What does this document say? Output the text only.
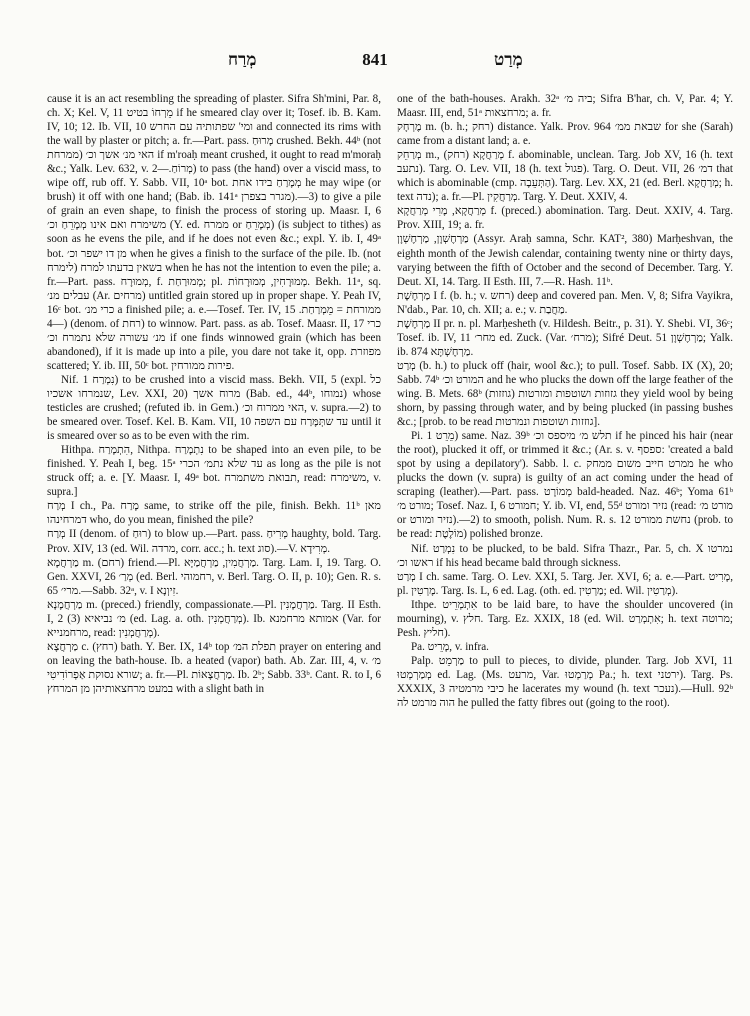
מְרַח	841	מְרַט

cause it is an act resembling the spreading of plaster. Sifra Sh'mini, Par. 8, ch. X; Kel. V, 11 מֵרְחוֹ בטיט if he smeared clay over it; Tosef. ib. B. Kam. IV, 10; 12. Ib. VII, 10 ומי' שפתותיה עם החרש and connected its rims with the wall by plaster or pitch; a. fr.—Part. pass. מָרוּחַ crushed. Bekh. 44ᵇ (not ממרחת) האי מנ׳ אשך וכ׳ if m'roaḥ meant crushed, it ought to read m'moraḥ &c.; Yalk. Lev. 632, v. מְרוֹחַ.—2) to pass (the hand) over a viscid mass, to wipe off, rub off. Y. Sabb. VII, 10ᵃ bot. מְמָרַחַ בידו אחת he may wipe (or brush) it off with one hand; (Bab. ib. 141ᵃ מגרר בצפרן).—3) to give a pile of grain an even shape, to finish the process of storing up. Maasr. I, 6 משימרח ואם אינו מְמָרֵחַ וכ׳ (Y. ed. ממרח or מְמָרֵחַ) (is subject to tithes) as soon as he evens the pile, and if he does not even &c.; expl. Y. ib. I, 49ᵃ bot. מן דו ישפר וכ׳ when he gives a finish to the surface of the pile. Ib. (not לימרח) בשאין בדעתו למרח when he has not the intention to even the pile; a. fr.—Part. pass. מְמוּרָח, f. מְמוּרַחַת; pl. מְמוּרָחִין, מְמוּרָחוֹת. Bekh. 11ᵃ, sq. עבלים מנ׳ (Ar. מרחים) untitled grain stored up in proper shape. Y. Peah IV, 16ᶜ bot. כרי מנ׳ a finished pile; a. e.—Tosef. Ter. IV, 15 ממורחת = מֵמְרַחַת.—4) (denom. of רחת) to winnow. Part. pass. as ab. Tosef. Maasr. II, 17 כרי מנ׳ עשורה שלא נתמרח וכ׳ if one finds winnowed grain (which has been abandoned), if it is made up into a pile, you dare not take it, opp. מפוזרת scattered; Y. ib. III, 50ᶜ bot. פירות ממורחין.

Nif. נִמְרַח 1) to be crushed into a viscid mass. Bekh. VII, 5 (expl. כל שנמרחו אשכיו, Lev. XXI, 20) מרוח אשך (Bab. ed., 44ᵇ, נמוחו) whose testicles are crushed; (refuted ib. in Gem.) האי ממרוח וכ׳, v. supra.—2) to be smeared over. Tosef. Kel. B. Kam. VII, 10 עד שתְּמָּרַח עם השפה until it is smeared over so as to be even with the rim.

Hithpa. הִתְמָרַח, Nithpa. נִתְמָרַח to be shaped into an even pile, to be finished. Y. Peah I, beg. 15ᵃ עד שלא נתמ׳ הכרי as long as the pile is not struck off; a. e. [Y. Maasr. I, 49ᵃ bot. תבואת משתמרח, read: משימרח, v. supra.]

מְרַח I ch., Pa. מָרַח same, to strike off the pile, finish. Bekh. 11ᵇ מאן דמרחינהו who, do you mean, finished the pile?

מְרַח II (denom. of רוּחַ) to blow up.—Part. pass. מְרִיחַ haughty, bold. Targ. Prov. XIV, 13 (ed. Wil. מרדה, corr. acc.; h. text סוג).—V. מְרִידָא.

מַרְחֲמָא m. (רחם) friend.—Pl. מַרְחֲמִין, מַרְחֲמַיָּא. Targ. Lam. I, 19. Targ. O. Gen. XXVI, 26 מְרַ׳ (ed. Berl. רחמוהי, v. Berl. Targ. O. II, p. 10); Gen. R. s. 65 מרי׳.—Sabb. 32ᵃ, v. I זִיוְנָא.

מַרְחֲמָנָא m. (preced.) friendly, compassionate.—Pl. מַרְחֲמָנִין. Targ. II Esth. I, 2 (3) מ׳ נביאיא (ed. Lag. a. oth. מְרַחֲמְנִין). Ib. אמותא מרחמנא (Var. for מרחמנייא, read: מְרַחֲמְנִין).

מַרְחֲצָא c. (רחץ) bath. Y. Ber. IX, 14ᵇ top תפלת המ׳ prayer on entering and on leaving the bath-house. Ib. a heated (vapor) bath. Ab. Zar. III, 4, v. מ׳ שורא נסוקת אַפְרוֹדִיטִי; a. fr.—Pl. מַרְחֲצָאוֹת. Ib. 2ᵇ; Sabb. 33ᵇ. Cant. R. to I, 6 במעט מרחצאותיהן מן המרחץ with a slight bath in

one of the bath-houses. Arakh. 32ᵃ ביה מ׳; Sifra B'har, ch. V, Par. 4; Y. Maasr. III, end, 51ᵃ מרחצאות; a. fr.

מֶרְחָק m. (b. h.; רחק) distance. Yalk. Prov. 964 שבאת ממ׳ for she (Sarah) came from a distant land; a. e.

מְרַחֵק m., מְרַחֲקָא (רחק) f. abominable, unclean. Targ. Job XV, 16 (h. text נתעב). Targ. O. Lev. VII, 18 (h. text פגול). Targ. O. Deut. VII, 26 דמ׳ that which is abominable (cmp. הַתְּעֵבָה). Targ. Lev. XX, 21 (ed. Berl. מְרַחֲקָא; h. text נדה); a. fr.—Pl. מְרַחֲקִין. Targ. Y. Deut. XXIV, 4.

מְרַחֲקָא, מָרִי מְרַחֲקָא f. (preced.) abomination. Targ. Deut. XXIV, 4. Targ. Prov. XIII, 19; a. fr.

מַרְחֶשְׁוָן, מַרְחֶשְׁוָן (Assyr. Araḥ samna, Schr. KAT², 380) Marḥeshvan, the eighth month of the Jewish calendar, containing twenty nine or thirty days, varying between the fifth of October and the second of December. Targ. Y. Deut. XI, 14. Targ. II Esth. III, 7.—R. Hash. 11ᵇ.

מַרְחֶשֶׁת I f. (b. h.; v. רחש) deep and covered pan. Men. V, 8; Sifra Vayikra, N'dab., Par. 10, ch. XII; a. e.; v. מַחֲבַת.

מַרְחֶשֶׁת II pr. n. pl. Marḥesheth (v. Hildesh. Beitr., p. 31). Y. Shebi. VI, 36ᶜ; Tosef. ib. IV, 11 מחר׳ ed. Zuck. (Var. מרח׳); Sifré Deut. 51 מַרְחֶשְׁוָן; Yalk. ib. 874 מַרְחֶשְׁתָּא.

מְרַט (b. h.) to pluck off (hair, wool &c.); to pull. Tosef. Sabb. IX (X), 20; Sabb. 74ᵇ המורט וכ׳ and he who plucks the down off the large feather of the wing. B. Mets. 68ᵇ גזוזות ושוטפות ומורטות (גוזזות) they yield wool by being shorn, by passing through water, and by being plucked (in passing bushes &c.; [prob. to be read גוזזות ושוטפות ונמרטות].

Pi. מֵרֵט 1) same. Naz. 39ᵇ תלש מ׳ מיספס וכ׳ if he pinced his hair (near the root), plucked it off, or trimmed it &c.; (Ar. s. v. ספסף: 'created a bald spot by using a depilatory'). Sabb. l. c. ממרט חייב משום ממחק he who plucks the down (v. supra) is guilty of an act coming under the head of scraping (leather).—Part. pass. מְמוֹרָט bald-headed. Naz. 46ᵇ; Yoma 61ᵇ מורט מ׳; Tosef. Naz. I, 6 חמורט; Y. ib. VI, end, 55ᵈ נזיר ומורט (read: מורט מ׳ or נזיר ומורט).—2) to smooth, polish. Num. R. s. 12 נחשת ממורט (prob. to be read: מוֹלֶטֶת) polished bronze.

Nif. נִמְרַט to be plucked, to be bald. Sifra Thazr., Par. 5, ch. X נמרטו ראשו וכ׳ if his head became bald through sickness.

מְרַט I ch. same. Targ. O. Lev. XXI, 5. Targ. Jer. XVI, 6; a. e.—Part. מָרִיט, pl. מָרְטִין. Targ. Is. L, 6 ed. Lag. (oth. ed. מַרְטִין; ed. Wil. מְרַטִין).

Ithpe. אִתְמְרֵיט to be laid bare, to have the shoulder uncovered (in mourning), v. חלץ. Targ. Ez. XXIX, 18 (ed. Wil. אִתְמְרַט; h. text מרוטה; Pesh. חליץ).

Pa. מָרֵיט, v. infra.

Palp. מַרְמֵט to pull to pieces, to divide, plunder. Targ. Job XVI, 11 מְמַרְמְטוּ ed. Lag. (Ms. מרעט, Var. מְרַמְטוּ Pa.; h. text ירטני). Targ. Ps. XXXIX, 3 כיבי מרמטיה he lacerates my wound (h. text נעכר).—Hull. 92ᵇ הוה מרמט לה he pulled the fatty fibres out (going to the root).
